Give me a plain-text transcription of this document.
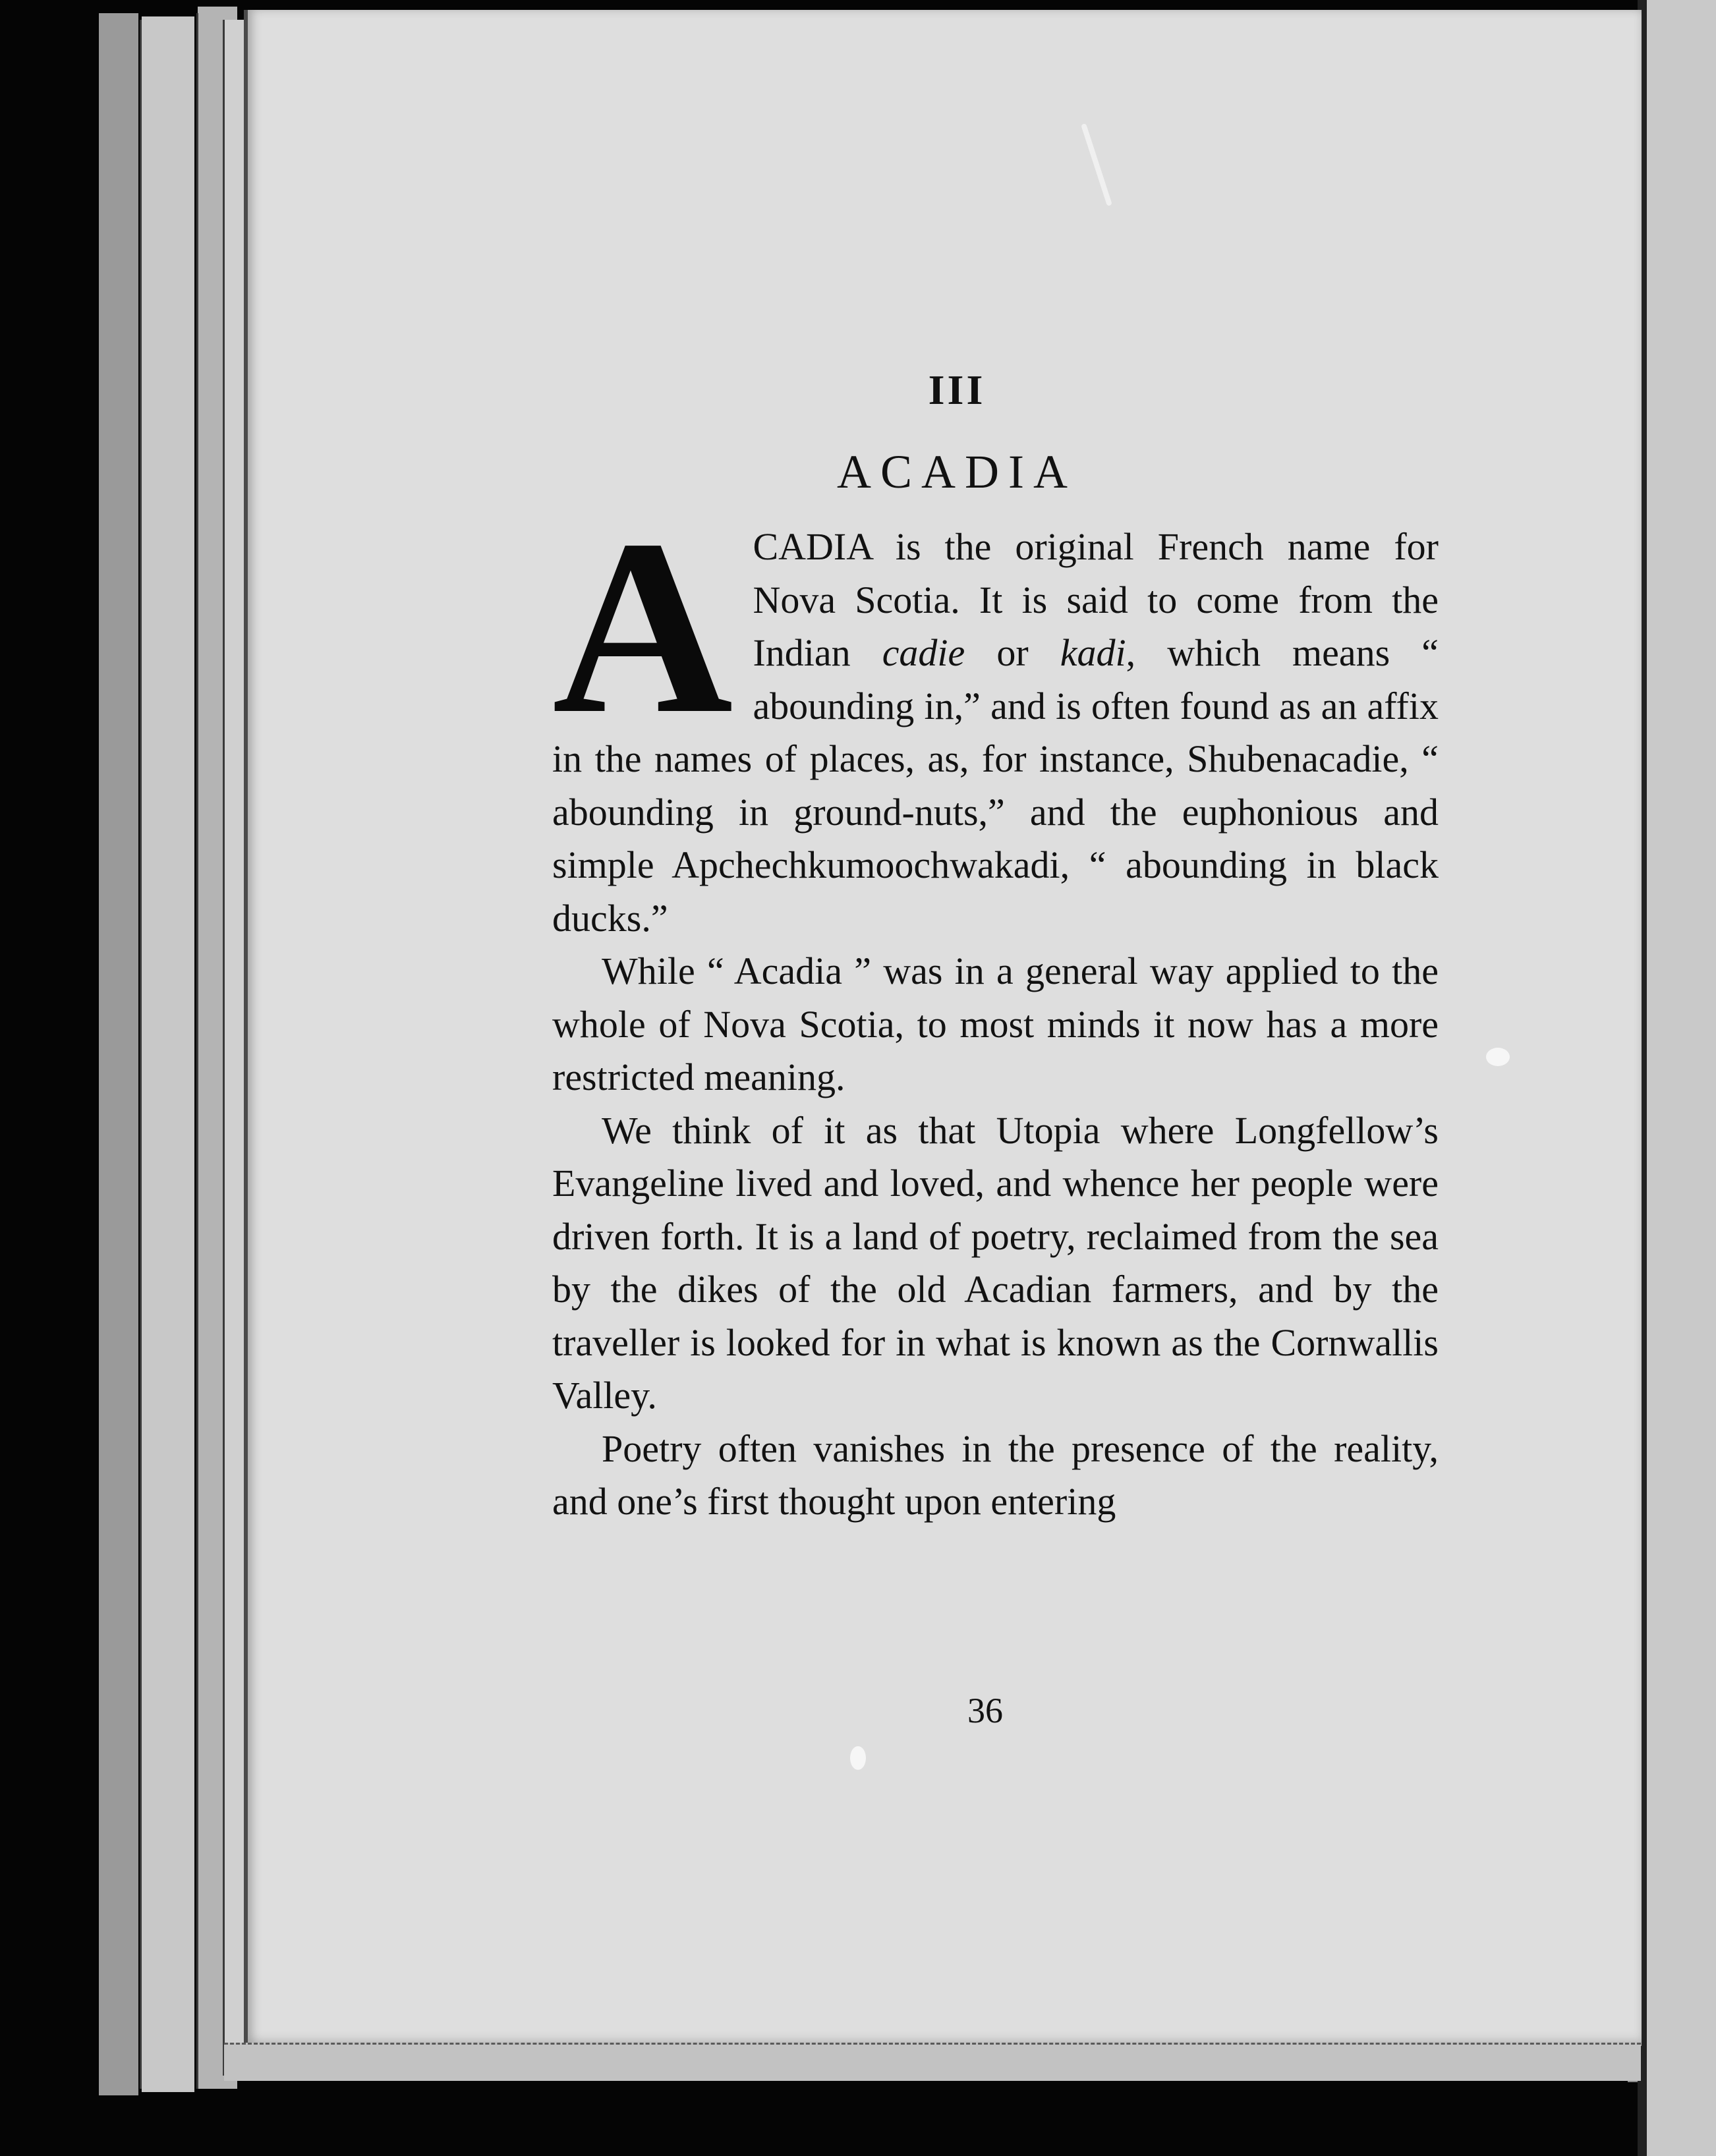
III
ACADIA

ACADIA is the original French name for Nova Scotia. It is said to come from the Indian cadie or kadi, which means “ abounding in,” and is often found as an affix in the names of places, as, for instance, Shubenacadie, “ abounding in ground-nuts,” and the euphonious and simple Apchechkumoochwakadi, “ abounding in black ducks.”

While “ Acadia ” was in a general way applied to the whole of Nova Scotia, to most minds it now has a more restricted meaning.

We think of it as that Utopia where Longfellow’s Evangeline lived and loved, and whence her people were driven forth. It is a land of poetry, reclaimed from the sea by the dikes of the old Acadian farmers, and by the traveller is looked for in what is known as the Cornwallis Valley.

Poetry often vanishes in the presence of the reality, and one’s first thought upon entering

36
